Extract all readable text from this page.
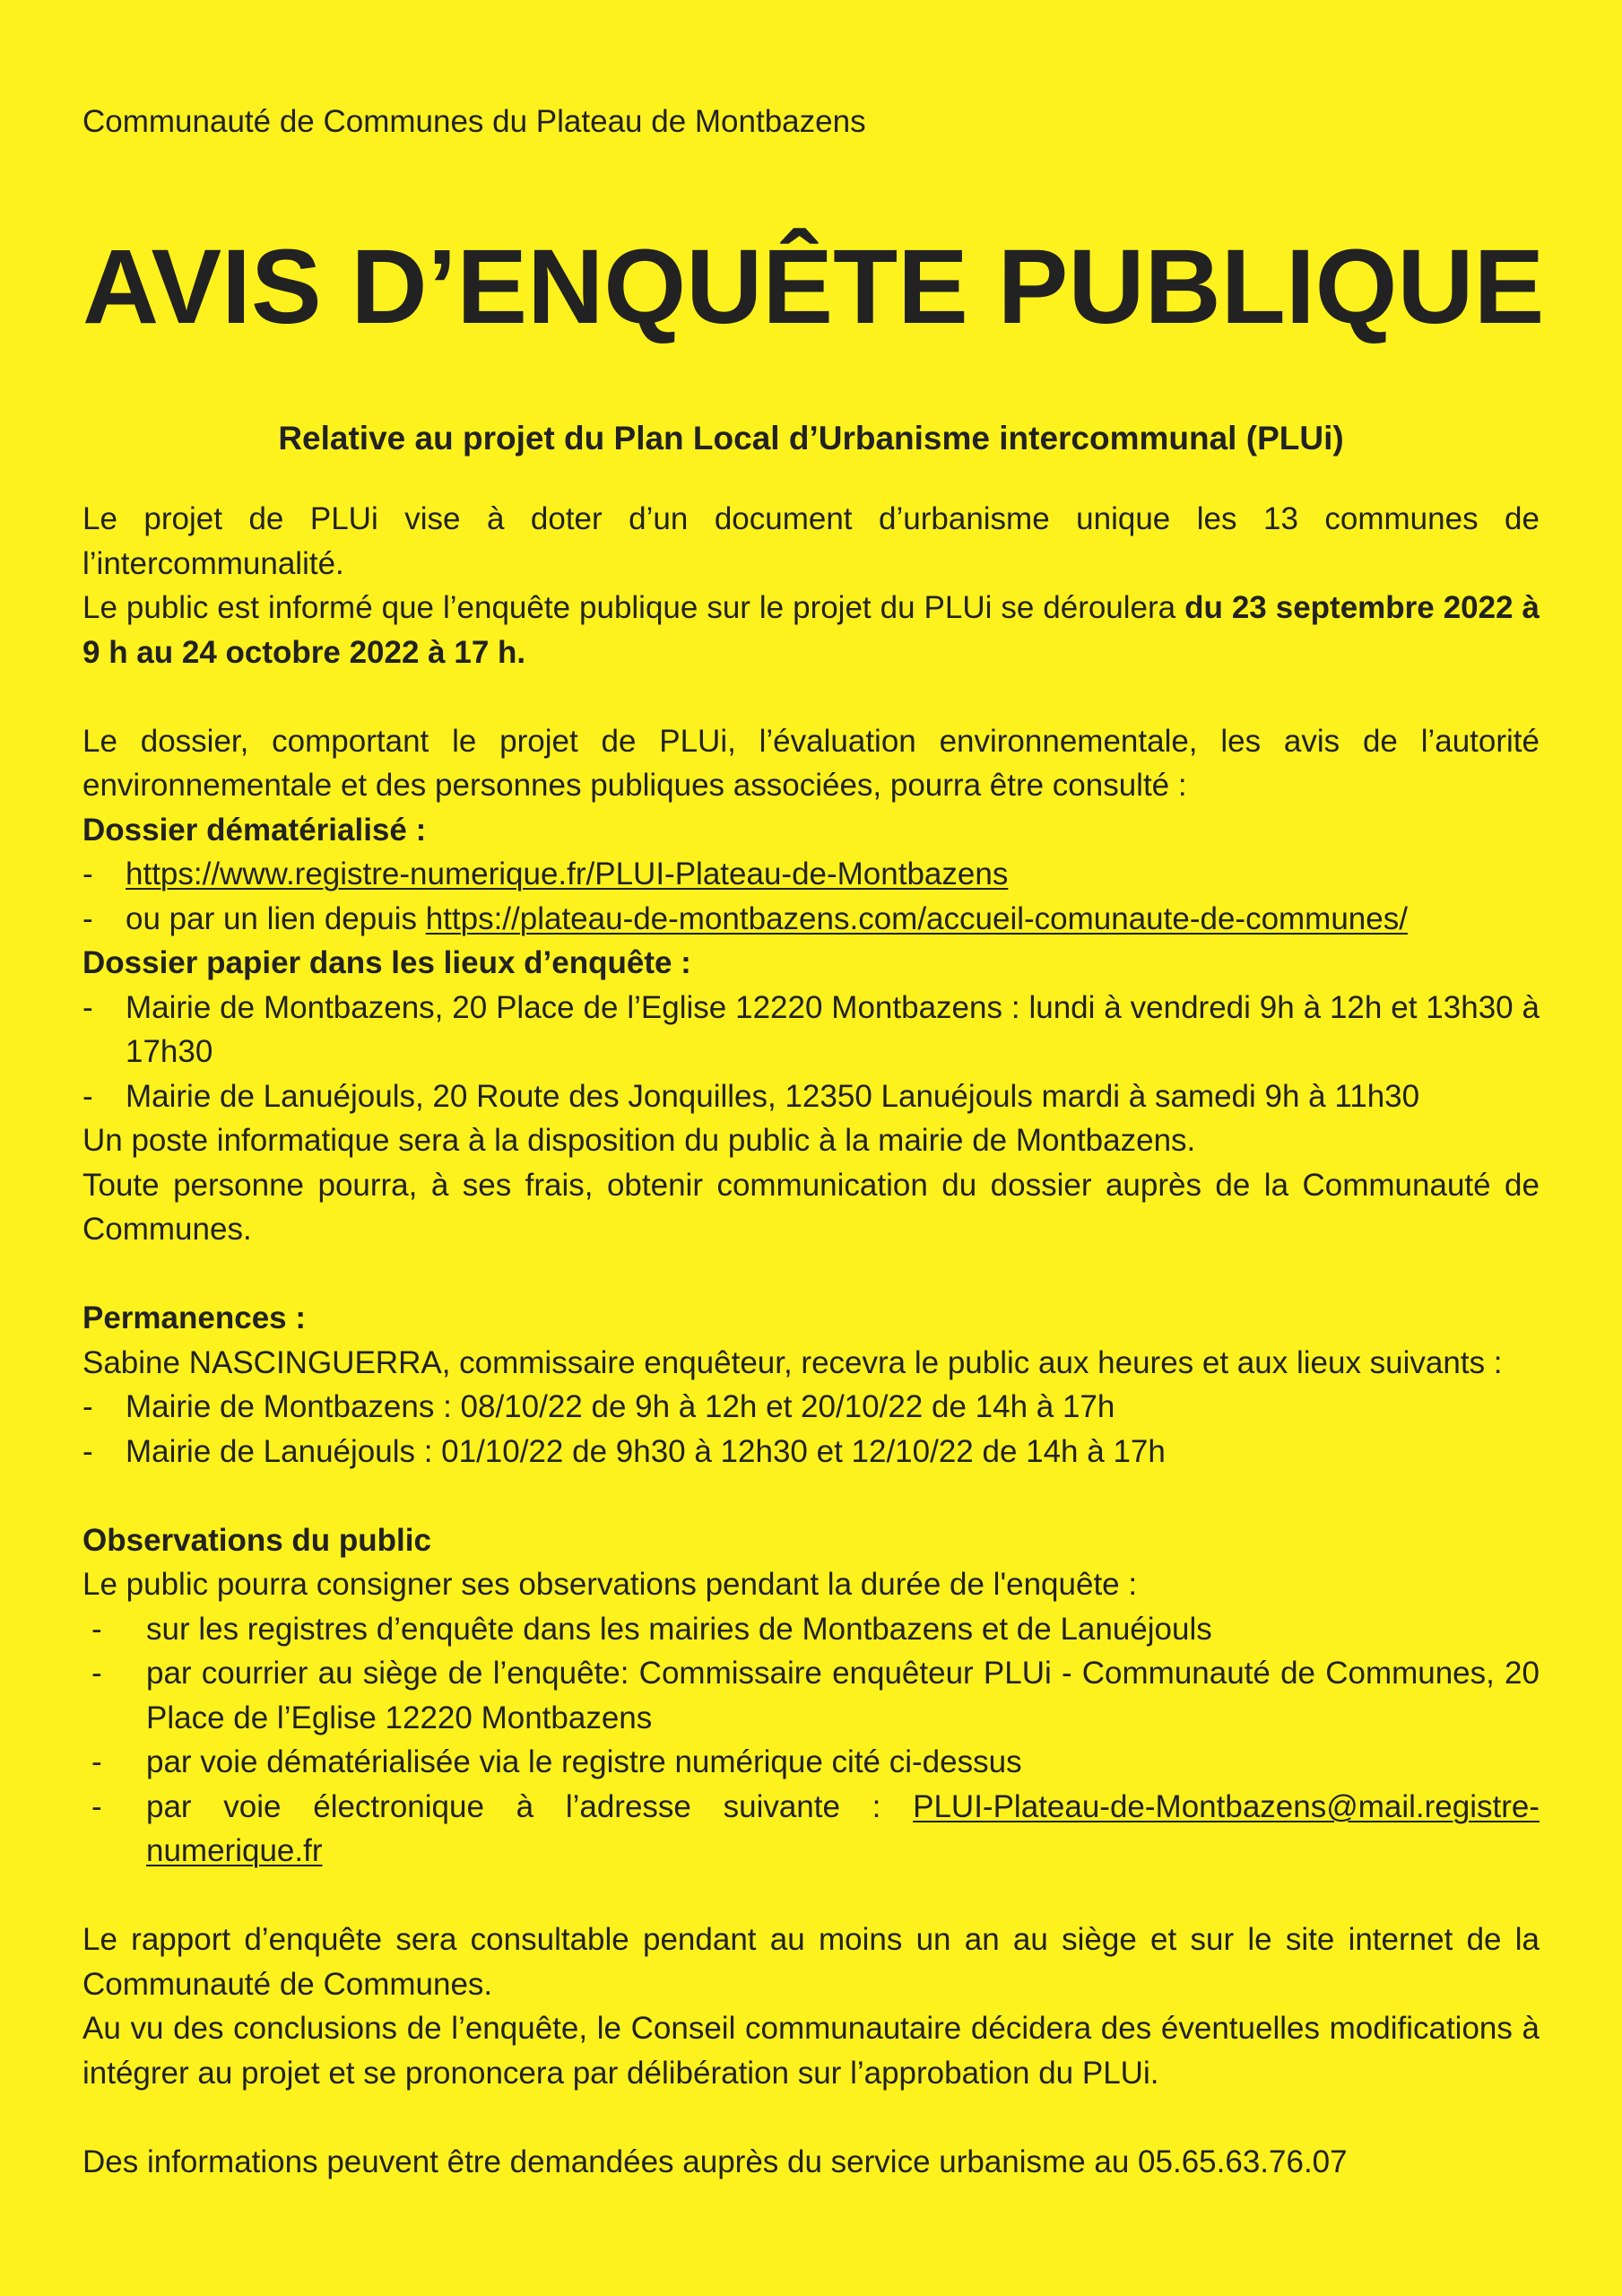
Communauté de Communes du Plateau de Montbazens

AVIS D’ENQUÊTE PUBLIQUE
Relative au projet du Plan Local d’Urbanisme intercommunal (PLUi)

Le projet de PLUi vise à doter d’un document d’urbanisme unique les 13 communes de l’intercommunalité.

Le public est informé que l’enquête publique sur le projet du PLUi se déroulera du 23 septembre 2022 à 9 h au 24 octobre 2022 à 17 h.

Le dossier, comportant le projet de PLUi, l’évaluation environnementale, les avis de l’autorité environnementale et des personnes publiques associées, pourra être consulté :

Dossier dématérialisé :

- https://www.registre-numerique.fr/PLUI-Plateau-de-Montbazens
- ou par un lien depuis https://plateau-de-montbazens.com/accueil-comunaute-de-communes/

Dossier papier dans les lieux d’enquête :

- Mairie de Montbazens, 20 Place de l’Eglise 12220 Montbazens : lundi à vendredi 9h à 12h et 13h30 à 17h30
- Mairie de Lanuéjouls, 20 Route des Jonquilles, 12350 Lanuéjouls mardi à samedi 9h à 11h30

Un poste informatique sera à la disposition du public à la mairie de Montbazens.

Toute personne pourra, à ses frais, obtenir communication du dossier auprès de la Communauté de Communes.

Permanences :

Sabine NASCINGUERRA, commissaire enquêteur, recevra le public aux heures et aux lieux suivants :

- Mairie de Montbazens : 08/10/22 de 9h à 12h et 20/10/22 de 14h à 17h
- Mairie de Lanuéjouls : 01/10/22 de 9h30 à 12h30 et 12/10/22 de 14h à 17h

Observations du public

Le public pourra consigner ses observations pendant la durée de l'enquête :

- sur les registres d’enquête dans les mairies de Montbazens et de Lanuéjouls
- par courrier au siège de l’enquête: Commissaire enquêteur PLUi - Communauté de Communes, 20 Place de l’Eglise 12220 Montbazens
- par voie dématérialisée via le registre numérique cité ci-dessus
- par voie électronique à l’adresse suivante : PLUI-Plateau-de-Montbazens@mail.registre-numerique.fr

Le rapport d’enquête sera consultable pendant au moins un an au siège et sur le site internet de la Communauté de Communes.

Au vu des conclusions de l’enquête, le Conseil communautaire décidera des éventuelles modifications à intégrer au projet et se prononcera par délibération sur l’approbation du PLUi.

Des informations peuvent être demandées auprès du service urbanisme au 05.65.63.76.07
